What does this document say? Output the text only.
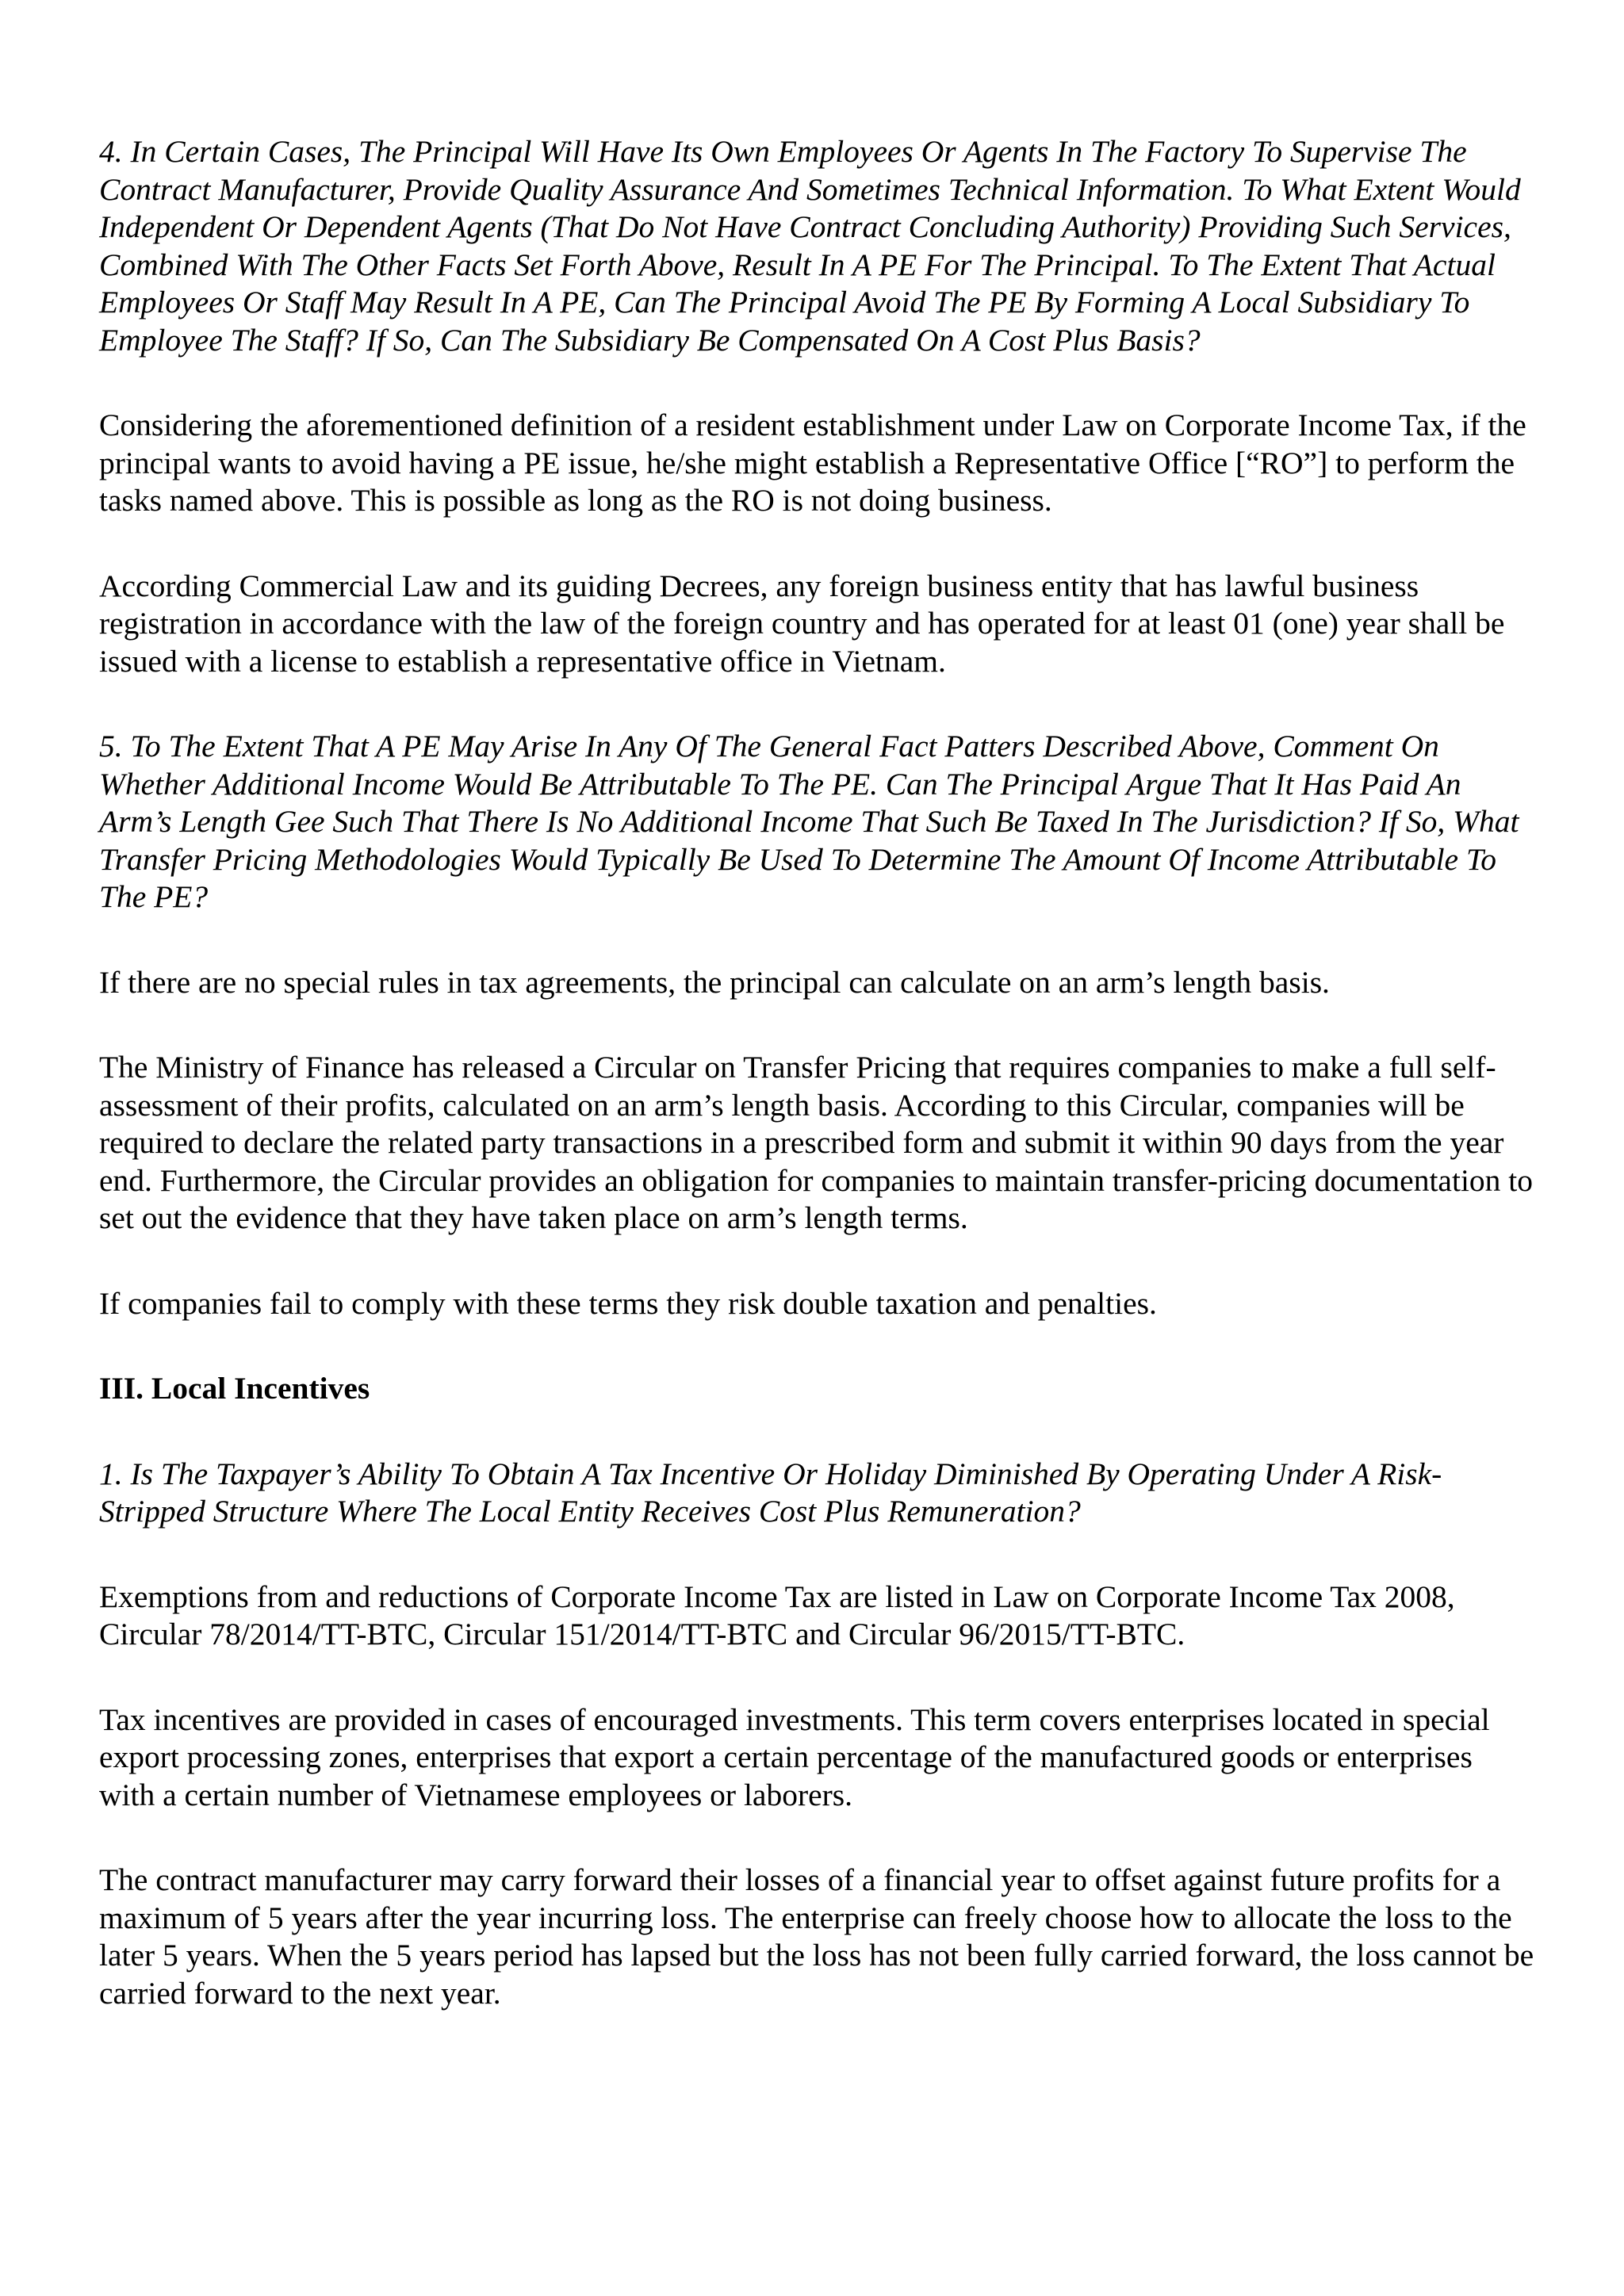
4. In Certain Cases, The Principal Will Have Its Own Employees Or Agents In The Factory To Supervise The Contract Manufacturer, Provide Quality Assurance And Sometimes Technical Information. To What Extent Would Independent Or Dependent Agents (That Do Not Have Contract Concluding Authority) Providing Such Services, Combined With The Other Facts Set Forth Above, Result In A PE For The Principal. To The Extent That Actual Employees Or Staff May Result In A PE, Can The Principal Avoid The PE By Forming A Local Subsidiary To Employee The Staff? If So, Can The Subsidiary Be Compensated On A Cost Plus Basis?

Considering the aforementioned definition of a resident establishment under Law on Corporate Income Tax, if the principal wants to avoid having a PE issue, he/she might establish a Representative Office [“RO”] to perform the tasks named above. This is possible as long as the RO is not doing business.

According Commercial Law and its guiding Decrees, any foreign business entity that has lawful business registration in accordance with the law of the foreign country and has operated for at least 01 (one) year shall be issued with a license to establish a representative office in Vietnam.

5. To The Extent That A PE May Arise In Any Of The General Fact Patters Described Above, Comment On Whether Additional Income Would Be Attributable To The PE. Can The Principal Argue That It Has Paid An Arm’s Length Gee Such That There Is No Additional Income That Such Be Taxed In The Jurisdiction? If So, What Transfer Pricing Methodologies Would Typically Be Used To Determine The Amount Of Income Attributable To The PE?

If there are no special rules in tax agreements, the principal can calculate on an arm’s length basis.

The Ministry of Finance has released a Circular on Transfer Pricing that requires companies to make a full self-assessment of their profits, calculated on an arm’s length basis. According to this Circular, companies will be required to declare the related party transactions in a prescribed form and submit it within 90 days from the year end. Furthermore, the Circular provides an obligation for companies to maintain transfer-pricing documentation to set out the evidence that they have taken place on arm’s length terms.

If companies fail to comply with these terms they risk double taxation and penalties.

III. Local Incentives

1. Is The Taxpayer’s Ability To Obtain A Tax Incentive Or Holiday Diminished By Operating Under A Risk-Stripped Structure Where The Local Entity Receives Cost Plus Remuneration?

Exemptions from and reductions of Corporate Income Tax are listed in Law on Corporate Income Tax 2008, Circular 78/2014/TT-BTC, Circular 151/2014/TT-BTC and Circular 96/2015/TT-BTC.

Tax incentives are provided in cases of encouraged investments. This term covers enterprises located in special export processing zones, enterprises that export a certain percentage of the manufactured goods or enterprises with a certain number of Vietnamese employees or laborers.

The contract manufacturer may carry forward their losses of a financial year to offset against future profits for a maximum of 5 years after the year incurring loss. The enterprise can freely choose how to allocate the loss to the later 5 years. When the 5 years period has lapsed but the loss has not been fully carried forward, the loss cannot be carried forward to the next year.
